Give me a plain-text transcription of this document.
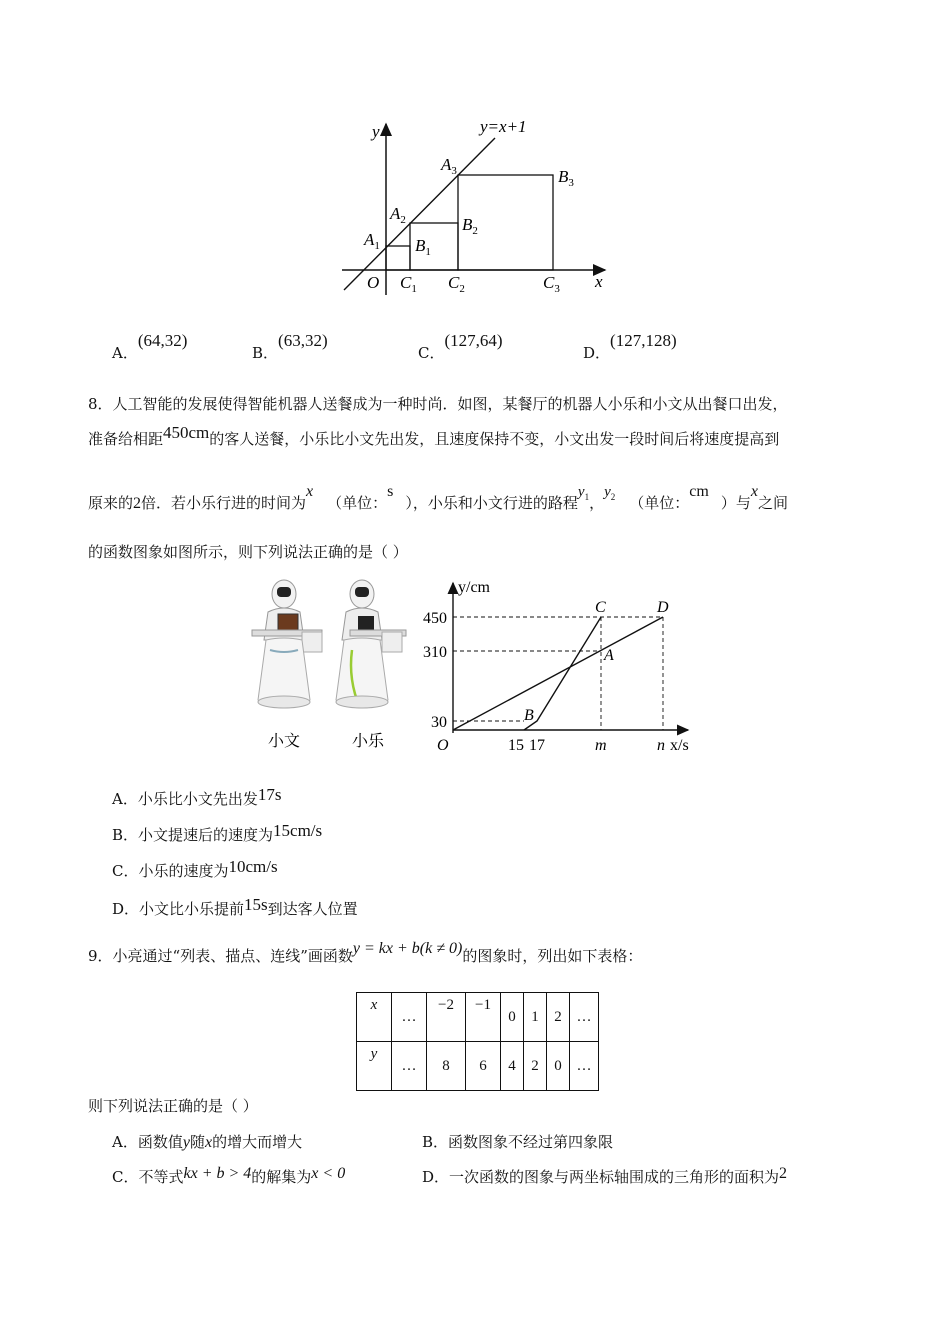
y=x+1
y
x
O
$A_1$
$A_2$
$A_3$
$B_1$
$B_2$
$B_3$
$C_1$ $C_2$	$C_3$
A．(64,32)
B．(63,32)
C．(127,64)
D．(127,128)
8．人工智能的发展使得智能机器人送餐成为一种时尚．如图，某餐厅的机器人小乐和小文从出餐口出发，
准备给相距450cm的客人送餐，小乐比小文先出发，且速度保持不变，小文出发一段时间后将速度提高到
原来的2倍．若小乐行进的时间为x（单位：s），小乐和小文行进的路程$y_1$，$y_2$ （单位：cm）与x之间
的函数图象如图所示，则下列说法正确的是（ ）
小文	小乐
y/cm
450
310
30
O	15 17	m	n x/s
C	D
A
B
A．小乐比小文先出发17s
B．小文提速后的速度为15cm/s
C．小乐的速度为10cm/s
D．小文比小乐提前15s到达客人位置
9．小亮通过“列表、描点、连线”画函数y = kx + b(k ≠ 0)的图象时，列出如下表格：
x	…	−2	−1	0	1	2	…
y	…	8	6	4	2	0	…
则下列说法正确的是（ ）
A．函数值y随x的增大而增大	B．函数图象不经过第四象限
C．不等式kx + b > 4的解集为x < 0	D．一次函数的图象与两坐标轴围成的三角形的面积为2
